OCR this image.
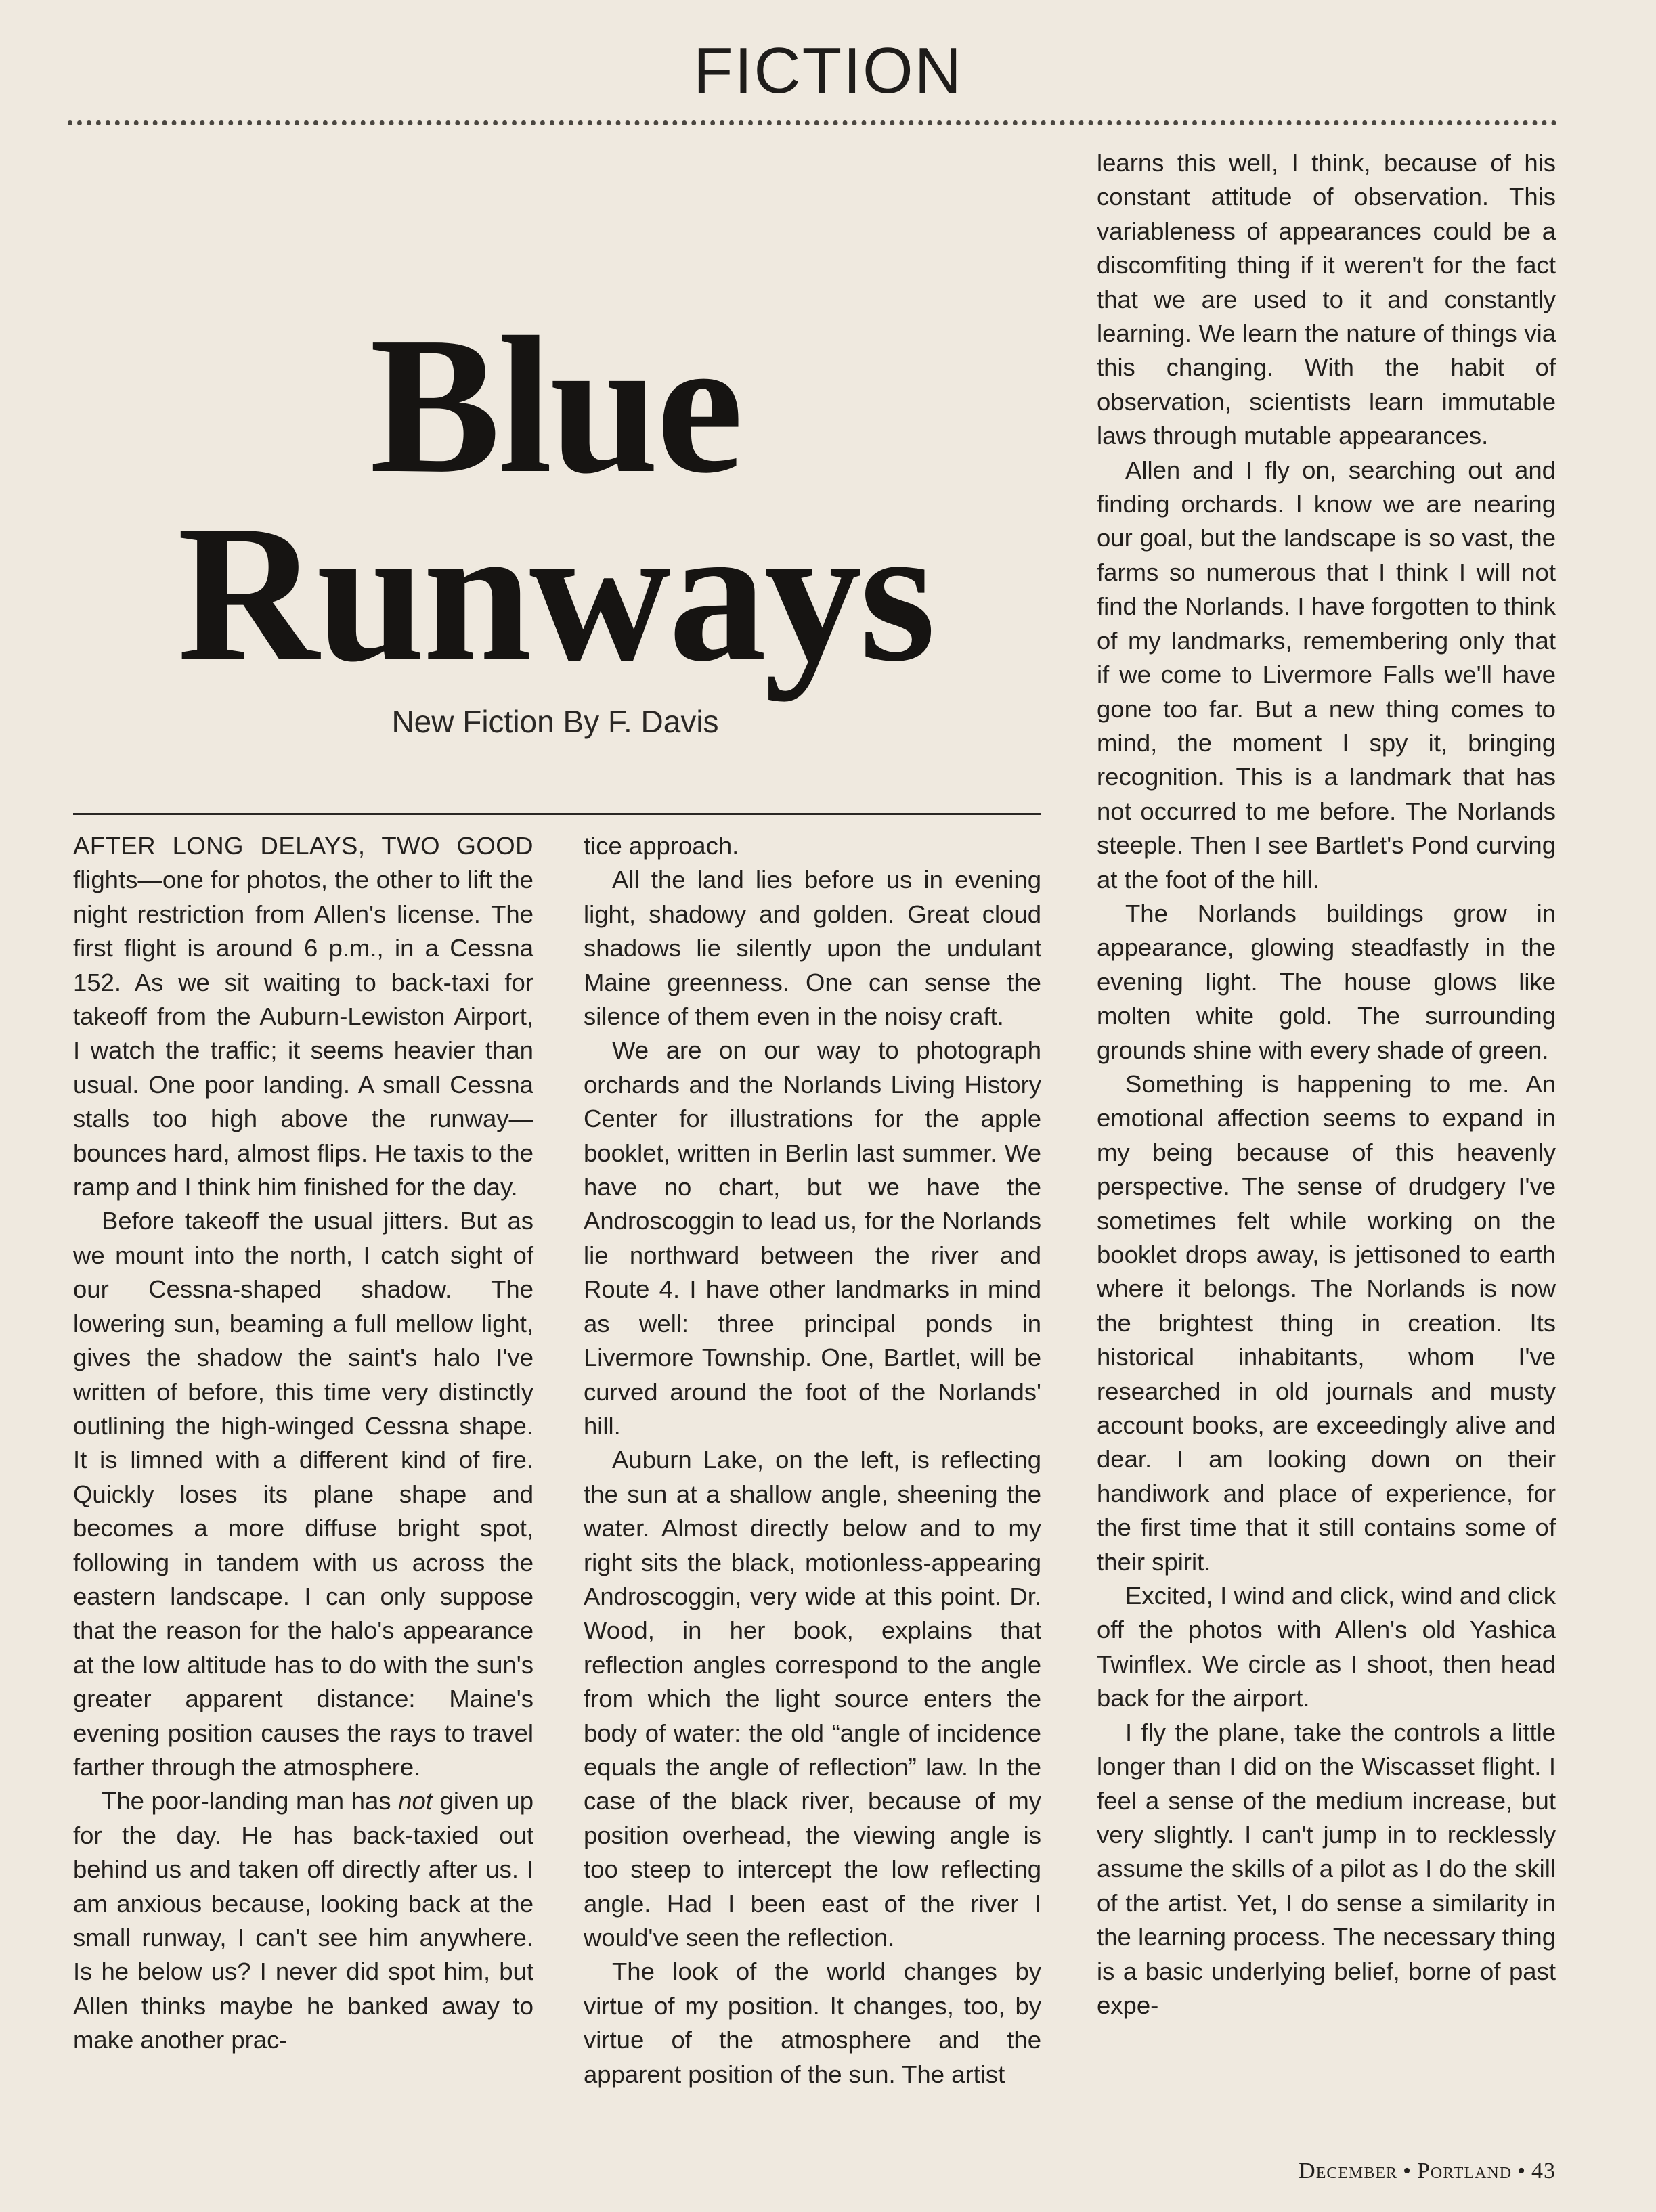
FICTION
Blue
Runways
New Fiction By F. Davis

AFTER LONG DELAYS, TWO GOOD flights—one for photos, the other to lift the night restriction from Allen's license. The first flight is around 6 p.m., in a Cessna 152. As we sit waiting to back-taxi for takeoff from the Auburn-Lewiston Airport, I watch the traffic; it seems heavier than usual. One poor landing. A small Cessna stalls too high above the runway—bounces hard, almost flips. He taxis to the ramp and I think him finished for the day.

Before takeoff the usual jitters. But as we mount into the north, I catch sight of our Cessna-shaped shadow. The lowering sun, beaming a full mellow light, gives the shadow the saint's halo I've written of before, this time very distinctly outlining the high-winged Cessna shape. It is limned with a different kind of fire. Quickly loses its plane shape and becomes a more diffuse bright spot, following in tandem with us across the eastern landscape. I can only suppose that the reason for the halo's appearance at the low altitude has to do with the sun's greater apparent distance: Maine's evening position causes the rays to travel farther through the atmosphere.

The poor-landing man has not given up for the day. He has back-taxied out behind us and taken off directly after us. I am anxious because, looking back at the small runway, I can't see him anywhere. Is he below us? I never did spot him, but Allen thinks maybe he banked away to make another prac-

tice approach.

All the land lies before us in evening light, shadowy and golden. Great cloud shadows lie silently upon the undulant Maine greenness. One can sense the silence of them even in the noisy craft.

We are on our way to photograph orchards and the Norlands Living History Center for illustrations for the apple booklet, written in Berlin last summer. We have no chart, but we have the Androscoggin to lead us, for the Norlands lie northward between the river and Route 4. I have other landmarks in mind as well: three principal ponds in Livermore Township. One, Bartlet, will be curved around the foot of the Norlands' hill.

Auburn Lake, on the left, is reflecting the sun at a shallow angle, sheening the water. Almost directly below and to my right sits the black, motionless-appearing Androscoggin, very wide at this point. Dr. Wood, in her book, explains that reflection angles correspond to the angle from which the light source enters the body of water: the old “angle of incidence equals the angle of reflection” law. In the case of the black river, because of my position overhead, the viewing angle is too steep to intercept the low reflecting angle. Had I been east of the river I would've seen the reflection.

The look of the world changes by virtue of my position. It changes, too, by virtue of the atmosphere and the apparent position of the sun. The artist

learns this well, I think, because of his constant attitude of observation. This variableness of appearances could be a discomfiting thing if it weren't for the fact that we are used to it and constantly learning. We learn the nature of things via this changing. With the habit of observation, scientists learn immutable laws through mutable appearances.

Allen and I fly on, searching out and finding orchards. I know we are nearing our goal, but the landscape is so vast, the farms so numerous that I think I will not find the Norlands. I have forgotten to think of my landmarks, remembering only that if we come to Livermore Falls we'll have gone too far. But a new thing comes to mind, the moment I spy it, bringing recognition. This is a landmark that has not occurred to me before. The Norlands steeple. Then I see Bartlet's Pond curving at the foot of the hill.

The Norlands buildings grow in appearance, glowing steadfastly in the evening light. The house glows like molten white gold. The surrounding grounds shine with every shade of green.

Something is happening to me. An emotional affection seems to expand in my being because of this heavenly perspective. The sense of drudgery I've sometimes felt while working on the booklet drops away, is jettisoned to earth where it belongs. The Norlands is now the brightest thing in creation. Its historical inhabitants, whom I've researched in old journals and musty account books, are exceedingly alive and dear. I am looking down on their handiwork and place of experience, for the first time that it still contains some of their spirit.

Excited, I wind and click, wind and click off the photos with Allen's old Yashica Twinflex. We circle as I shoot, then head back for the airport.

I fly the plane, take the controls a little longer than I did on the Wiscasset flight. I feel a sense of the medium increase, but very slightly. I can't jump in to recklessly assume the skills of a pilot as I do the skill of the artist. Yet, I do sense a similarity in the learning process. The necessary thing is a basic underlying belief, borne of past expe-

December • Portland • 43
